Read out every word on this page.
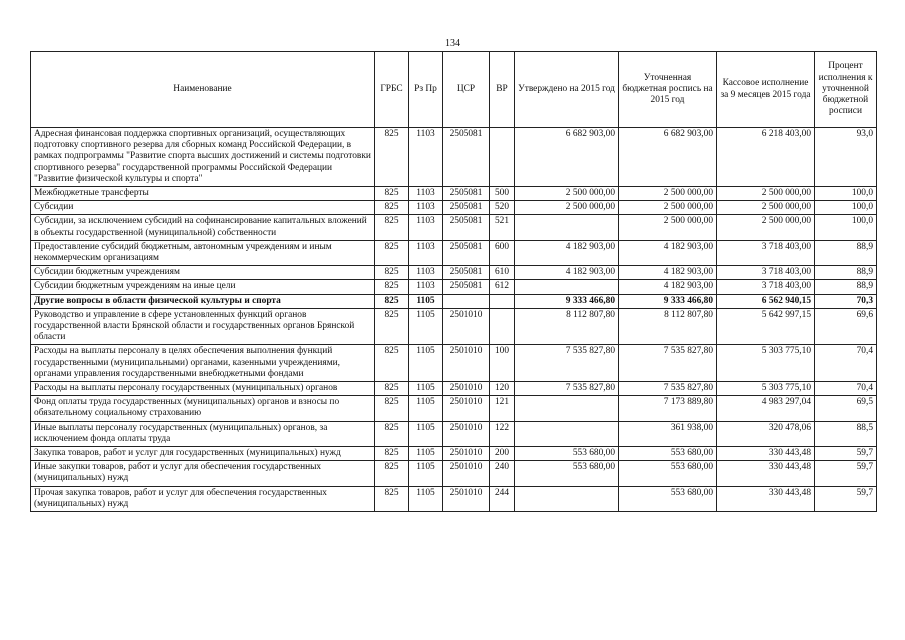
134
Наименование	ГРБС	Рз Пр	ЦСР	ВР	Утверждено на 2015 год	Уточненная бюджетная роспись на 2015 год	Кассовое исполнение за 9 месяцев 2015 года	Процент исполнения к уточненной бюджетной росписи
Адресная финансовая поддержка спортивных организаций, осуществляющих подготовку спортивного резерва для сборных команд Российской Федерации, в рамках подпрограммы "Развитие спорта высших достижений и системы подготовки спортивного резерва" государственной программы Российской Федерации "Развитие физической культуры и спорта"	825	1103	2505081		6 682 903,00	6 682 903,00	6 218 403,00	93,0
Межбюджетные трансферты	825	1103	2505081	500	2 500 000,00	2 500 000,00	2 500 000,00	100,0
Субсидии	825	1103	2505081	520	2 500 000,00	2 500 000,00	2 500 000,00	100,0
Субсидии, за исключением субсидий на софинансирование капитальных вложений в объекты государственной (муниципальной) собственности	825	1103	2505081	521		2 500 000,00	2 500 000,00	100,0
Предоставление субсидий бюджетным, автономным учреждениям и иным некоммерческим организациям	825	1103	2505081	600	4 182 903,00	4 182 903,00	3 718 403,00	88,9
Субсидии бюджетным учреждениям	825	1103	2505081	610	4 182 903,00	4 182 903,00	3 718 403,00	88,9
Субсидии бюджетным учреждениям на иные цели	825	1103	2505081	612		4 182 903,00	3 718 403,00	88,9
Другие вопросы в области физической культуры и спорта	825	1105			9 333 466,80	9 333 466,80	6 562 940,15	70,3
Руководство и управление в сфере установленных функций органов государственной власти Брянской области и государственных органов Брянской области	825	1105	2501010		8 112 807,80	8 112 807,80	5 642 997,15	69,6
Расходы на выплаты персоналу в целях обеспечения выполнения функций государственными (муниципальными) органами, казенными учреждениями, органами управления государственными внебюджетными фондами	825	1105	2501010	100	7 535 827,80	7 535 827,80	5 303 775,10	70,4
Расходы на выплаты персоналу государственных (муниципальных) органов	825	1105	2501010	120	7 535 827,80	7 535 827,80	5 303 775,10	70,4
Фонд оплаты труда государственных (муниципальных) органов и взносы по обязательному социальному страхованию	825	1105	2501010	121		7 173 889,80	4 983 297,04	69,5
Иные выплаты персоналу государственных (муниципальных) органов, за исключением фонда оплаты труда	825	1105	2501010	122		361 938,00	320 478,06	88,5
Закупка товаров, работ и услуг для государственных (муниципальных) нужд	825	1105	2501010	200	553 680,00	553 680,00	330 443,48	59,7
Иные закупки товаров, работ и услуг для обеспечения государственных (муниципальных) нужд	825	1105	2501010	240	553 680,00	553 680,00	330 443,48	59,7
Прочая закупка товаров, работ и услуг для обеспечения государственных (муниципальных) нужд	825	1105	2501010	244		553 680,00	330 443,48	59,7
